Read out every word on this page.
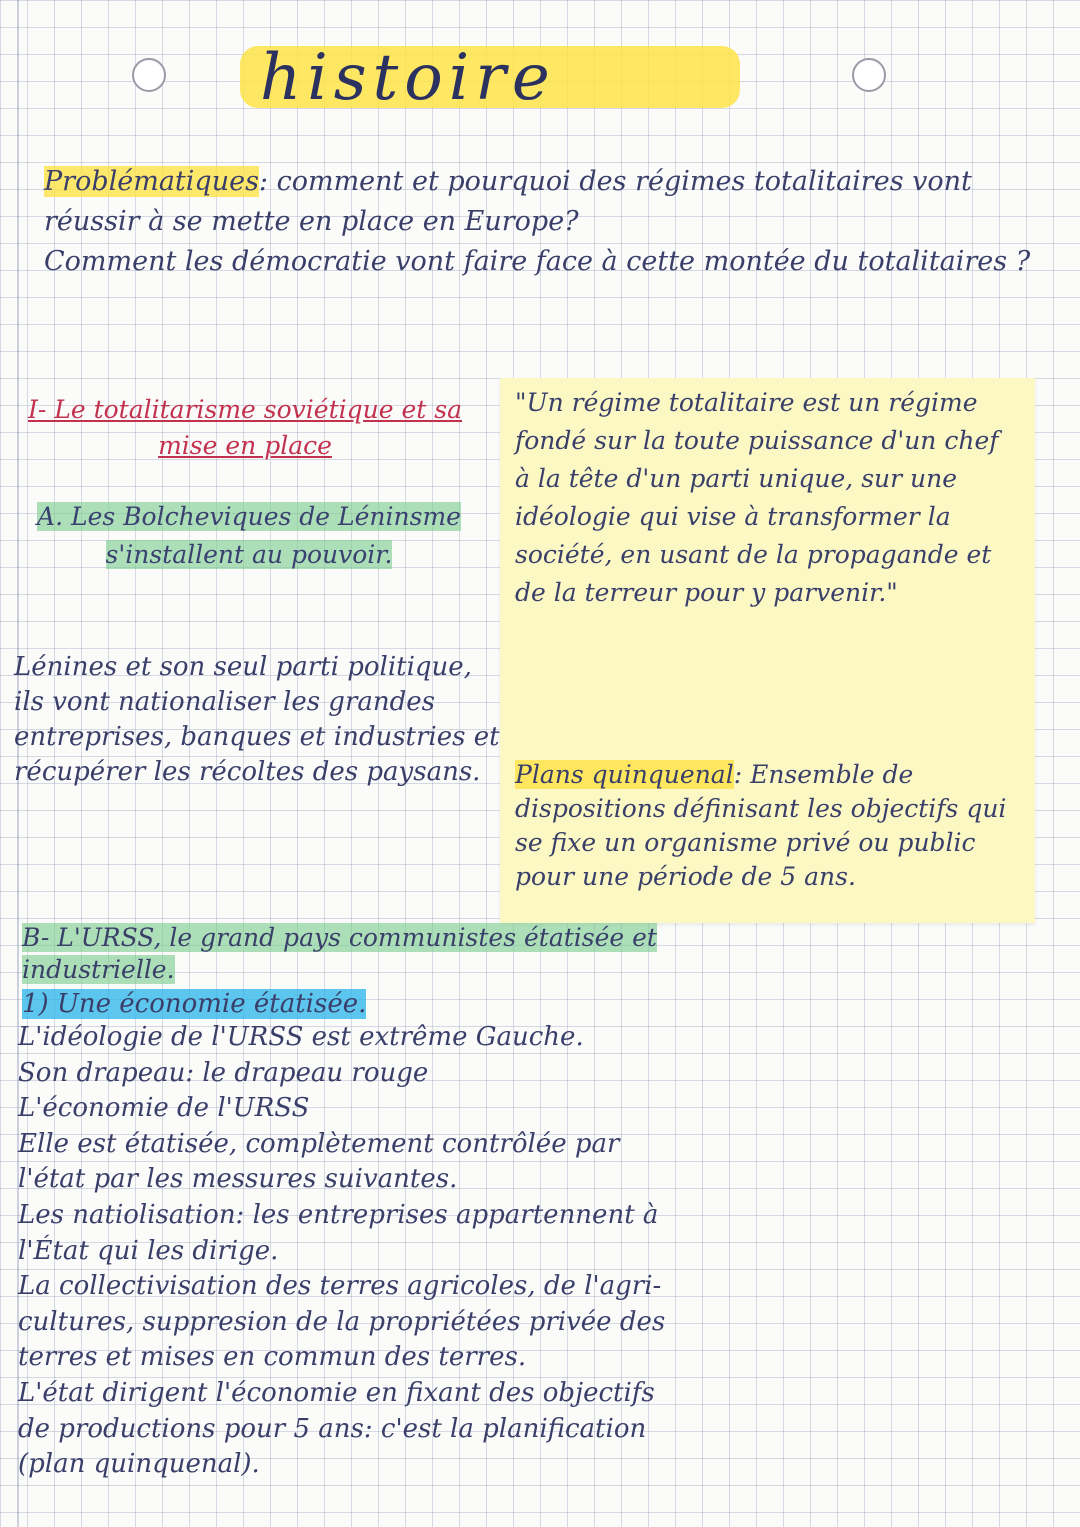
histoire

Problématiques: comment et pourquoi des régimes totalitaires vont réussir à se mette en place en Europe?

Comment les démocratie vont faire face à cette montée du totalitaires ?

I- Le totalitarisme soviétique et sa mise en place
A. Les Bolcheviques de Léninsme s'installent au pouvoir.
Lénines et son seul parti politique, ils vont nationaliser les grandes entreprises, banques et industries et récupérer les récoltes des paysans.
"Un régime totalitaire est un régime fondé sur la toute puissance d'un chef à la tête d'un parti unique, sur une idéologie qui vise à transformer la société, en usant de la propagande et de la terreur pour y parvenir."
Plans quinquenal: Ensemble de dispositions définisant les objectifs qui se fixe un organisme privé ou public pour une période de 5 ans.
B- L'URSS, le grand pays communistes étatisée et industrielle.
1) Une économie étatisée.

L'idéologie de l'URSS est extrême Gauche.

Son drapeau: le drapeau rouge

L'économie de l'URSS

Elle est étatisée, complètement contrôlée par

l'état par les messures suivantes.

Les natiolisation: les entreprises appartennent à

l'État qui les dirige.

La collectivisation des terres agricoles, de l'agri-

cultures, suppresion de la propriétées privée des

terres et mises en commun des terres.

L'état dirigent l'économie en fixant des objectifs

de productions pour 5 ans: c'est la planification

(plan quinquenal).
